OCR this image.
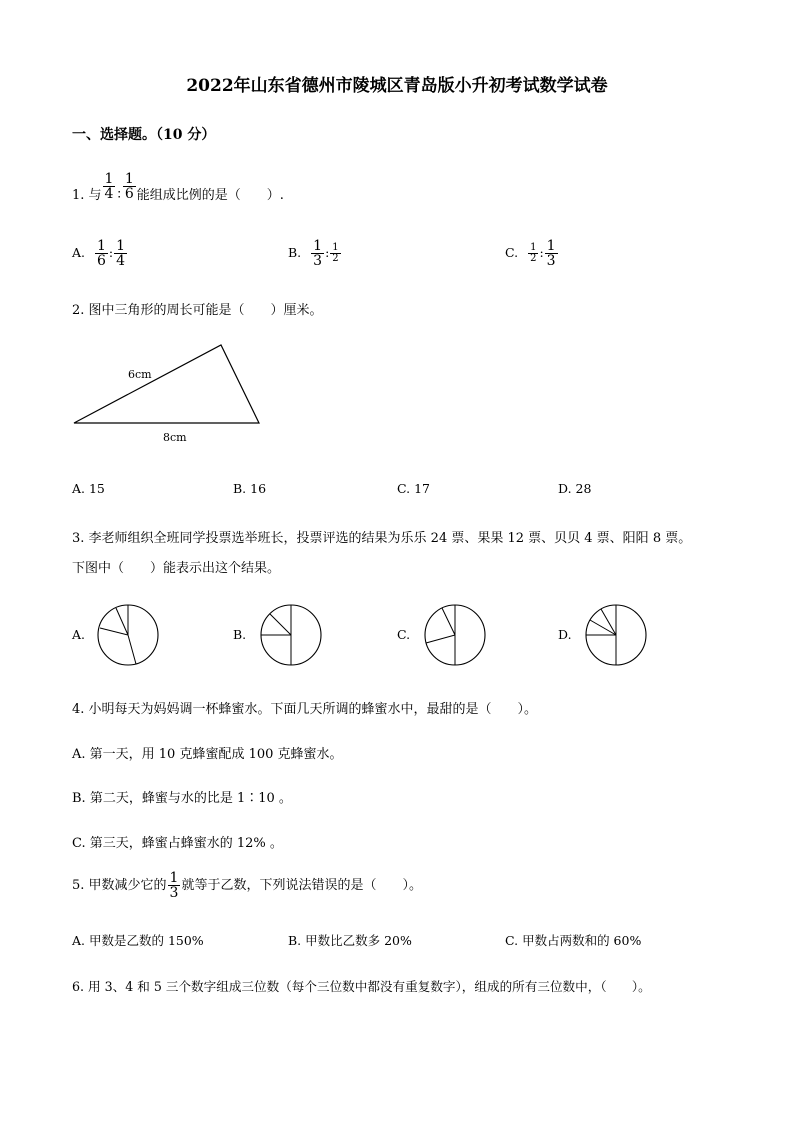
2022年山东省德州市陵城区青岛版小升初考试数学试卷
一、选择题。（10 分）
1. 与 $\frac{1}{4}$ ∶ $\frac{1}{6}$ 能组成比例的是（　　）.
A. $\frac{1}{6}$ : $\frac{1}{4}$	B. $\frac{1}{3}$ : $\frac{1}{2}$	C. $\frac{1}{2}$ : $\frac{1}{3}$
2. 图中三角形的周长可能是（　　）厘米。
6cm
8cm
A. 15	B. 16	C. 17	D. 28
3. 李老师组织全班同学投票选举班长，投票评选的结果为乐乐 24 票、果果 12 票、贝贝 4 票、阳阳 8 票。
下图中（　　）能表示出这个结果。
A.	B.	C.	D.
4. 小明每天为妈妈调一杯蜂蜜水。下面几天所调的蜂蜜水中，最甜的是（　　）。
A. 第一天，用 10 克蜂蜜配成 100 克蜂蜜水。
B. 第二天，蜂蜜与水的比是 1∶10 。
C. 第三天，蜂蜜占蜂蜜水的 12% 。
5. 甲数减少它的 $\frac{1}{3}$ 就等于乙数，下列说法错误的是（　　）。
A. 甲数是乙数的 150%	B. 甲数比乙数多 20%	C. 甲数占两数和的 60%
6. 用 3、4 和 5 三个数字组成三位数（每个三位数中都没有重复数字），组成的所有三位数中，（　　）。
